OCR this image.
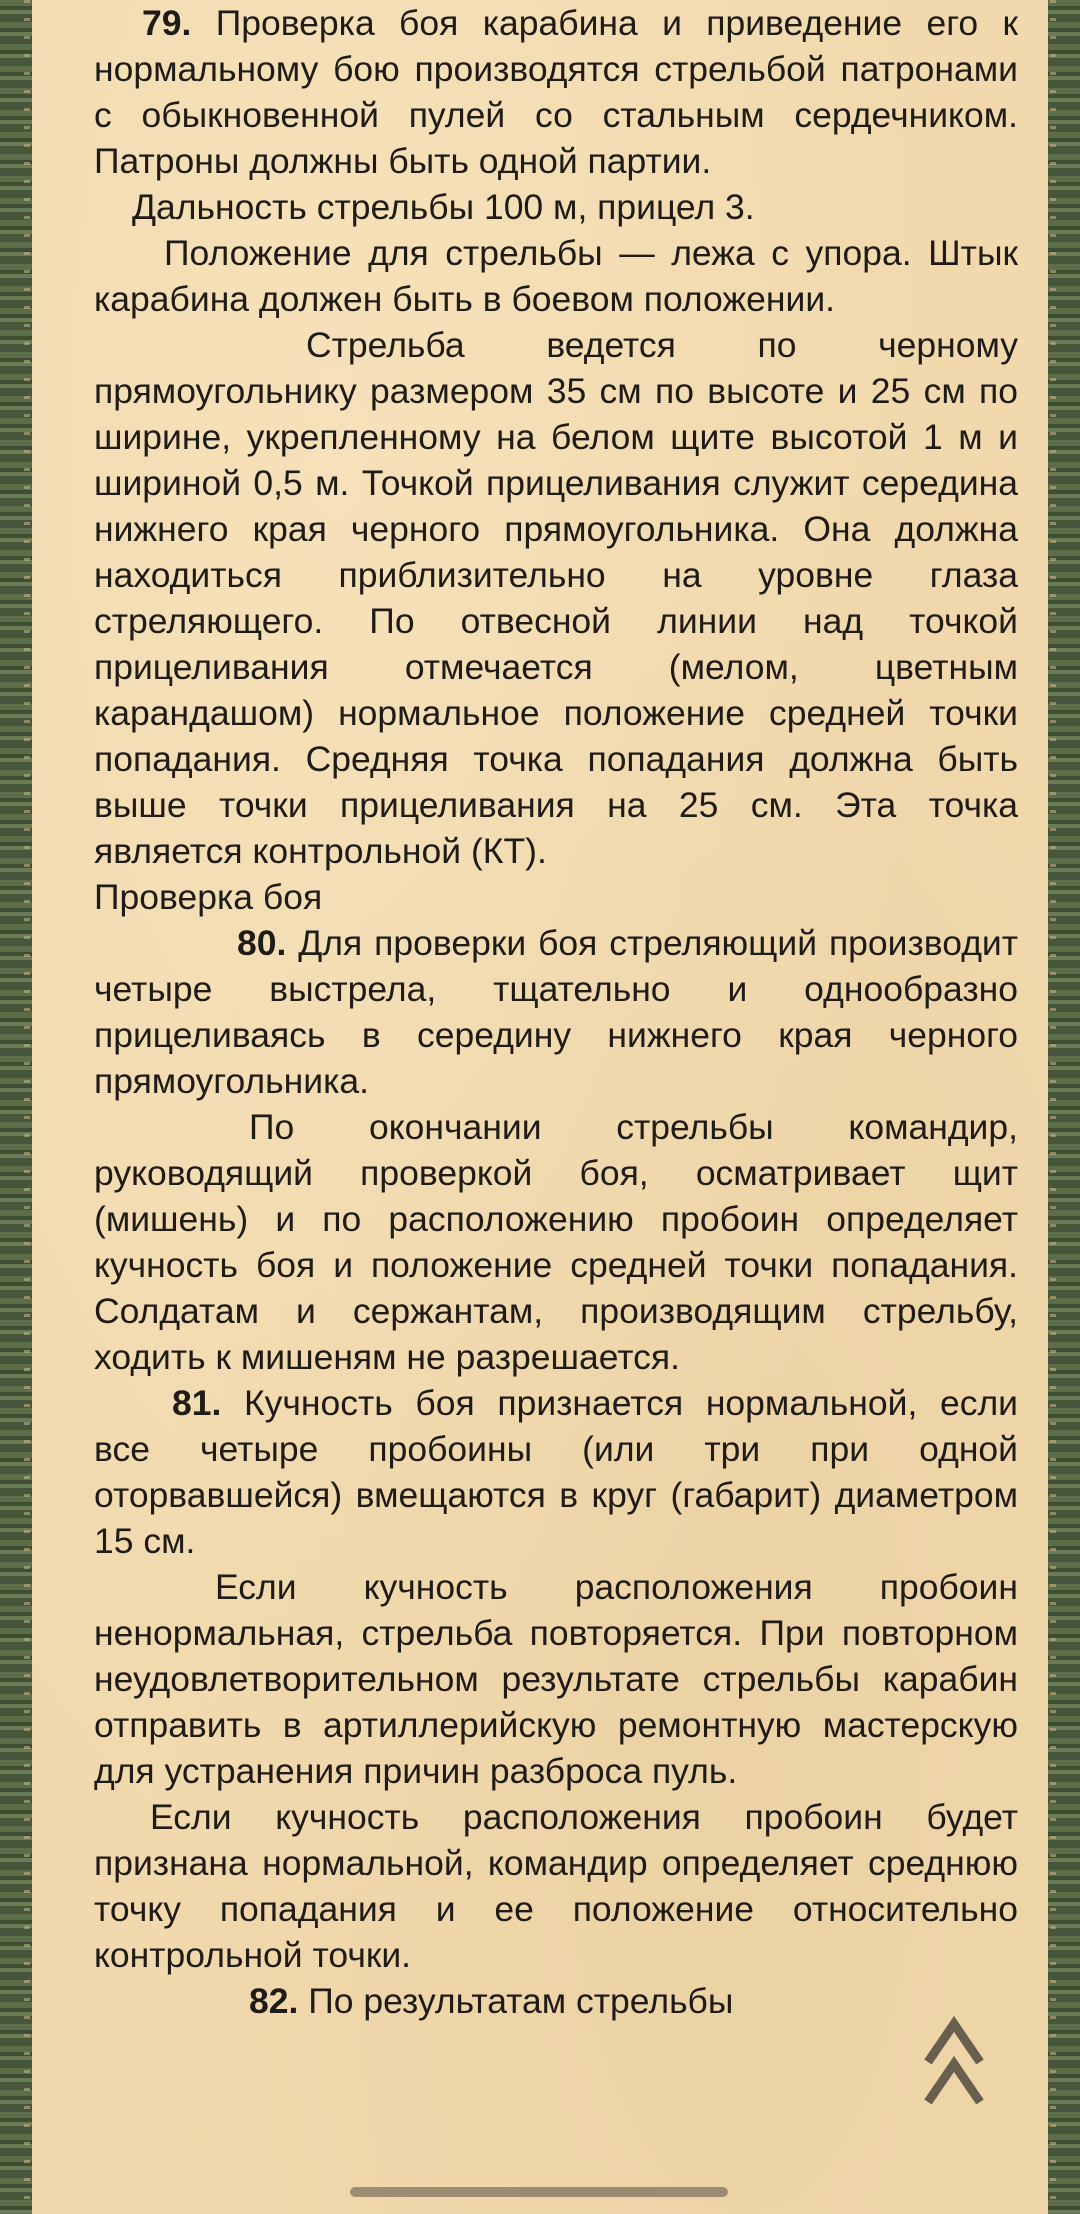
79. Проверка боя карабина и приведение его к нормальному бою производятся стрельбой патронами с обыкновенной пулей со стальным сердечником. Патроны должны быть одной партии.

Дальность стрельбы 100 м, прицел 3.

Положение для стрельбы — лежа с упора. Штык карабина должен быть в боевом положении.

Стрельба ведется по черному прямоугольнику размером 35 см по высоте и 25 см по ширине, укрепленному на белом щите высотой 1 м и шириной 0,5 м. Точкой прицеливания служит середина нижнего края черного прямоугольника. Она должна находиться приблизительно на уровне глаза стреляющего. По отвесной линии над точкой прицеливания отмечается (мелом, цветным карандашом) нормальное положение средней точки попадания. Средняя точка попадания должна быть выше точки прицеливания на 25 см. Эта точка является контрольной (КТ).

Проверка боя

80. Для проверки боя стреляющий производит четыре выстрела, тщательно и однообразно прицеливаясь в середину нижнего края черного прямоугольника.

По окончании стрельбы командир, руководящий проверкой боя, осматривает щит (мишень) и по расположению пробоин определяет кучность боя и положение средней точки попадания. Солдатам и сержантам, производящим стрельбу, ходить к мишеням не разрешается.

81. Кучность боя признается нормальной, если все четыре пробоины (или три при одной оторвавшейся) вмещаются в круг (габарит) диаметром 15 см.

Если кучность расположения пробоин ненормальная, стрельба повторяется. При повторном неудовлетворительном результате стрельбы карабин отправить в артиллерийскую ремонтную мастерскую для устранения причин разброса пуль.

Если кучность расположения пробоин будет признана нормальной, командир определяет среднюю точку попадания и ее положение относительно контрольной точки.

82. По результатам стрельбы
